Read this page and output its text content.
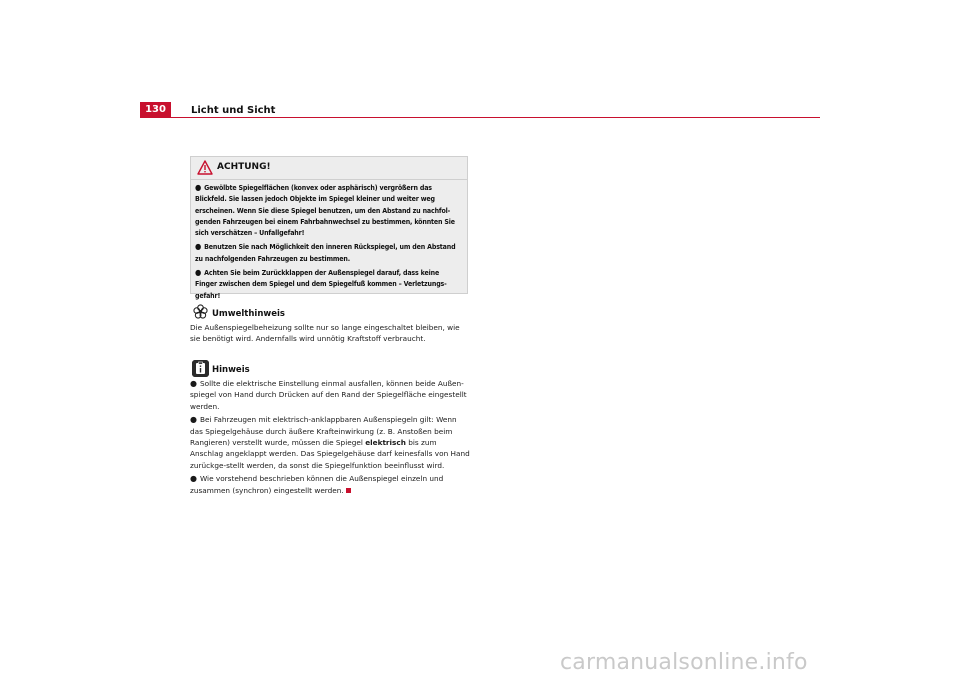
130	Licht und Sicht
ACHTUNG!

● Gewölbte Spiegelflächen (konvex oder asphärisch) vergrößern das Blickfeld. Sie lassen jedoch Objekte im Spiegel kleiner und weiter weg erscheinen. Wenn Sie diese Spiegel benutzen, um den Abstand zu nachfol-genden Fahrzeugen bei einem Fahrbahnwechsel zu bestimmen, könnten Sie sich verschätzen – Unfallgefahr!

● Benutzen Sie nach Möglichkeit den inneren Rückspiegel, um den Abstand zu nachfolgenden Fahrzeugen zu bestimmen.

● Achten Sie beim Zurückklappen der Außenspiegel darauf, dass keine Finger zwischen dem Spiegel und dem Spiegelfuß kommen – Verletzungs-gefahr!

Umwelthinweis

Die Außenspiegelbeheizung sollte nur so lange eingeschaltet bleiben, wie sie benötigt wird. Andernfalls wird unnötig Kraftstoff verbraucht.

Hinweis

● Sollte die elektrische Einstellung einmal ausfallen, können beide Außen-spiegel von Hand durch Drücken auf den Rand der Spiegelfläche eingestellt werden.

● Bei Fahrzeugen mit elektrisch-anklappbaren Außenspiegeln gilt: Wenn das Spiegelgehäuse durch äußere Krafteinwirkung (z. B. Anstoßen beim Rangieren) verstellt wurde, müssen die Spiegel elektrisch bis zum Anschlag angeklappt werden. Das Spiegelgehäuse darf keinesfalls von Hand zurückge-stellt werden, da sonst die Spiegelfunktion beeinflusst wird.

● Wie vorstehend beschrieben können die Außenspiegel einzeln und zusammen (synchron) eingestellt werden.

carmanualsonline.info
